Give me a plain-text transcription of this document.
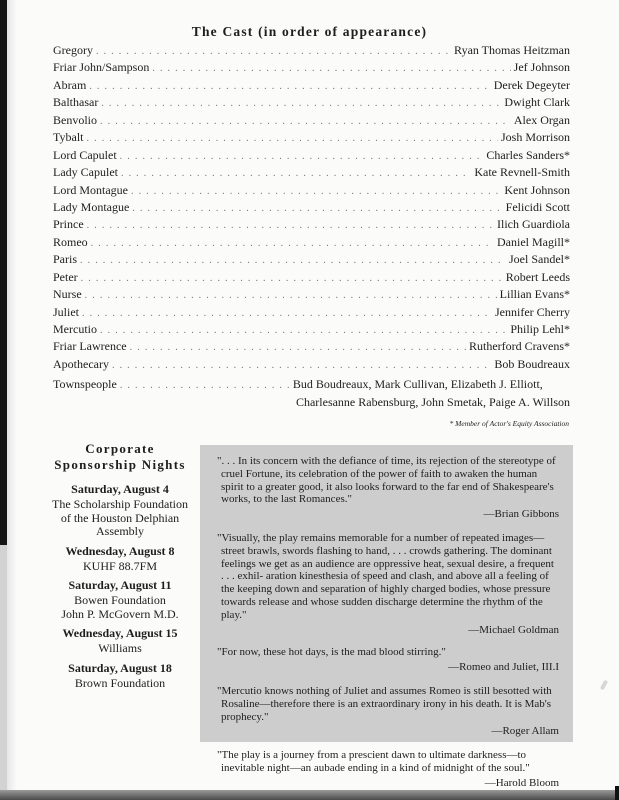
The Cast (in order of appearance)
Gregory . . .	Ryan Thomas Heitzman
Friar John/Sampson . . .	Jef Johnson
Abram . . .	Derek Degeyter
Balthasar . . .	Dwight Clark
Benvolio . . .	Alex Organ
Tybalt . . .	Josh Morrison
Lord Capulet . . .	Charles Sanders*
Lady Capulet . . .	Kate Revnell-Smith
Lord Montague . . .	Kent Johnson
Lady Montague . . .	Felicidi Scott
Prince . . .	Ilich Guardiola
Romeo . . .	Daniel Magill*
Paris . . .	Joel Sandel*
Peter . . .	Robert Leeds
Nurse . . .	Lillian Evans*
Juliet . . .	Jennifer Cherry
Mercutio . . .	Philip Lehl*
Friar Lawrence . . .	Rutherford Cravens*
Apothecary . . .	Bob Boudreaux
Townspeople . . .	Bud Boudreaux, Mark Cullivan, Elizabeth J. Elliott,
Charlesanne Rabensburg, John Smetak, Paige A. Willson
* Member of Actor's Equity Association
Corporate
Sponsorship Nights
Saturday, August 4
The Scholarship Foundation
of the Houston Delphian
Assembly
Wednesday, August 8
KUHF 88.7FM
Saturday, August 11
Bowen Foundation
John P. McGovern M.D.
Wednesday, August 15
Williams
Saturday, August 18
Brown Foundation
". . . In its concern with the defiance of time, its rejection of the stereotype of cruel Fortune, its celebration of the power of faith to awaken the human spirit to a greater good, it also looks forward to the far end of Shakespeare's works, to the last Romances."
—Brian Gibbons
"Visually, the play remains memorable for a number of repeated images—street brawls, swords flashing to hand, . . . crowds gathering. The dominant feelings we get as an audience are oppressive heat, sexual desire, a frequent . . . exhil- aration kinesthesia of speed and clash, and above all a feeling of the keeping down and separation of highly charged bodies, whose pressure towards release and whose sudden discharge determine the rhythm of the play."
—Michael Goldman
"For now, these hot days, is the mad blood stirring."
—Romeo and Juliet, III.I
"Mercutio knows nothing of Juliet and assumes Romeo is still besotted with Rosaline—therefore there is an extraordinary irony in his death. It is Mab's prophecy."
—Roger Allam
"The play is a journey from a prescient dawn to ultimate darkness—to inevitable night—an aubade ending in a kind of midnight of the soul."
—Harold Bloom
